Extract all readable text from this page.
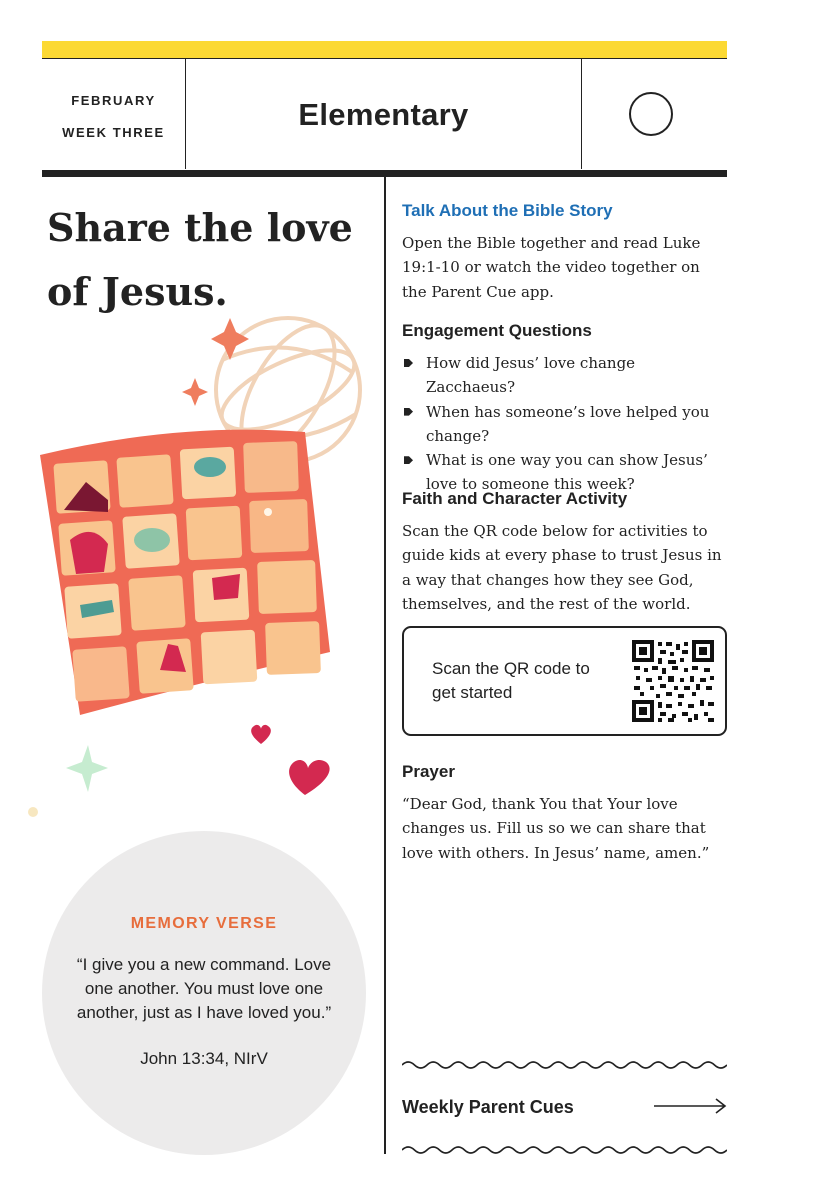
FEBRUARY
WEEK THREE
Elementary
Share the love
of Jesus.
MEMORY VERSE
“I give you a new command. Love one another. You must love one another, just as I have loved you.”
John 13:34, NIrV
Talk About the Bible Story
Open the Bible together and read Luke 19:1-10 or watch the video together on the Parent Cue app.
Engagement Questions
How did Jesus’ love change Zacchaeus?
When has someone’s love helped you change?
What is one way you can show Jesus’ love to someone this week?
Faith and Character Activity
Scan the QR code below for activities to guide kids at every phase to trust Jesus in a way that changes how they see God, themselves, and the rest of the world.
Scan the QR code to get started
Prayer
“Dear God, thank You that Your love changes us. Fill us so we can share that love with others. In Jesus’ name, amen.”
Weekly Parent Cues
